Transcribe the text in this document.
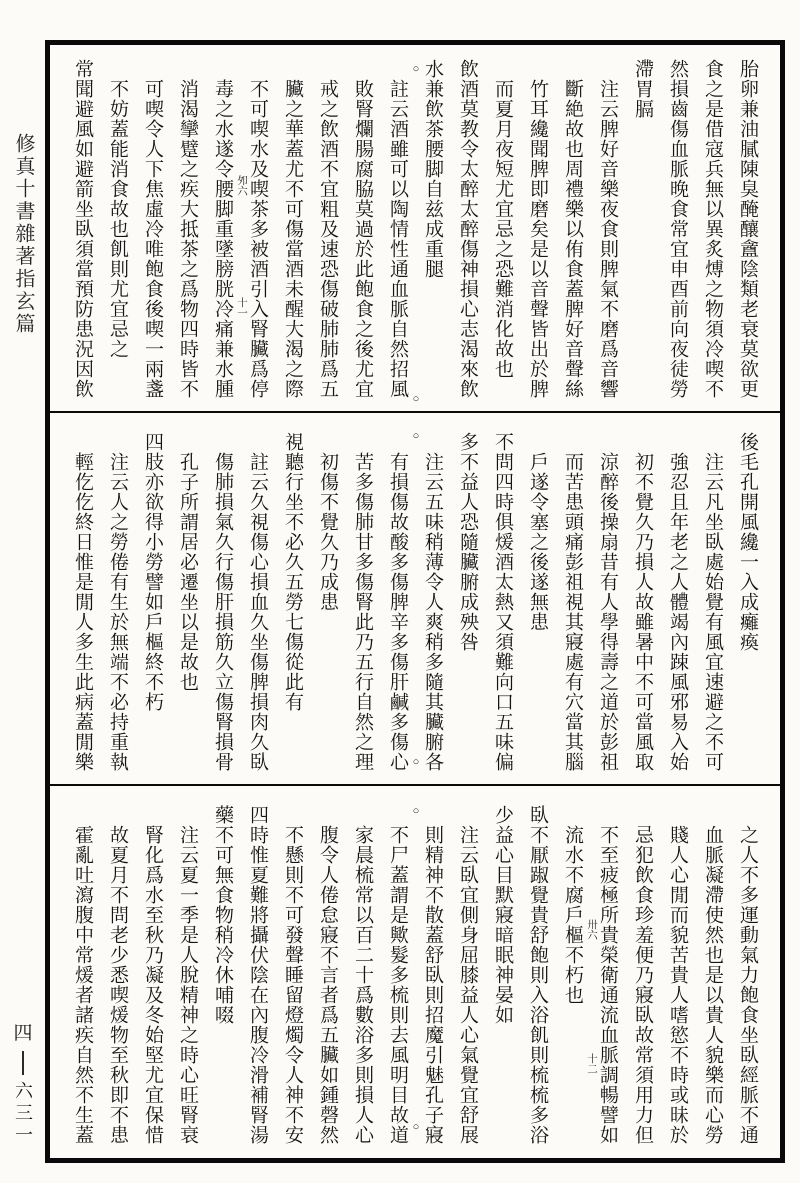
修真十書雜著指玄篇
四
六三一
胎卵兼油膩陳臭醃釀盦陰類老衰莫欲更
食之是借寇兵無以異炙煿之物須冷喫不
然損齒傷血脈晚食常宜申酉前向夜徒勞
滯胃膈
注云脾好音樂夜食則脾氣不磨爲音響
斷絶故也周禮樂以侑食蓋脾好音聲絲
竹耳纔聞脾即磨矣是以音聲皆出於脾
而夏月夜短尤宜忌之恐難消化故也
飲酒莫教令太醉太醉傷神損心志渴來飲
水兼飲茶腰脚自兹成重腿
註云酒雖可以陶情性通血脈自然招風
敗腎爛腸腐脇莫過於此飽食之後尤宜
戒之飲酒不宜粗及速恐傷破肺肺爲五
臟之華蓋尤不可傷當酒未醒大渴之際
不可喫水及喫茶多被酒引入腎臟爲停
毒之水遂令腰脚重墜膀胱冷痛兼水腫
消渴攣躄之疾大抵茶之爲物四時皆不
可喫令人下焦虛冷唯飽食後喫一兩盞
不妨蓋能消食故也飢則尤宜忌之
常聞避風如避箭坐臥須當預防患況因飲	○
○
夘六
十一
後毛孔開風纔一入成癱瘓
注云凡坐臥處始覺有風宜速避之不可
強忍且年老之人體竭內踈風邪易入始
初不覺久乃損人故雖暑中不可當風取
涼醉後操扇昔有人學得壽之道於彭祖
而苦患頭痛彭祖視其寢處有穴當其腦
戶遂令塞之後遂無患
不問四時俱煖酒太熱又須難向口五味偏
多不益人恐隨臟腑成殃咎
注云五味稍薄令人爽稍多隨其臟腑各
有損傷故酸多傷脾辛多傷肝鹹多傷心
苦多傷肺甘多傷腎此乃五行自然之理
初傷不覺久乃成患
視聽行坐不必久五勞七傷從此有
註云久視傷心損血久坐傷脾損肉久臥
傷肺損氣久行傷肝損筋久立傷腎損骨
孔子所謂居必遷坐以是故也
四肢亦欲得小勞譬如戶樞終不朽
注云人之勞倦有生於無端不必持重執
輕仡仡終日惟是閒人多生此病蓋閒樂
○
○
之人不多運動氣力飽食坐臥經脈不通
血脈凝滯使然也是以貴人貌樂而心勞
賤人心閒而貌苦貴人嗜慾不時或昧於
忌犯飲食珍羞便乃寢臥故常須用力但
不至疲極所貴榮衛通流血脈調暢譬如
流水不腐戶樞不朽也
臥不厭踧覺貴舒飽則入浴飢則梳梳多浴
少益心目默寢暗眠神晏如
注云臥宜側身屈膝益人心氣覺宜舒展
則精神不散蓋舒臥則招魔引魅孔子寢
不尸蓋謂是歟髮多梳則去風明目故道
家晨梳常以百二十爲數浴多則損人心
腹令人倦怠寢不言者爲五臟如鍾磬然
不懸則不可發聲睡留燈燭令人神不安
四時惟夏難將攝伏陰在內腹冷滑補腎湯
藥不可無食物稍冷休哺啜
注云夏一季是人脫精神之時心旺腎衰
腎化爲水至秋乃凝及冬始堅尤宜保惜
故夏月不問老少悉喫煖物至秋即不患
霍亂吐瀉腹中常煖者諸疾自然不生蓋
○
○
卅六
十二
